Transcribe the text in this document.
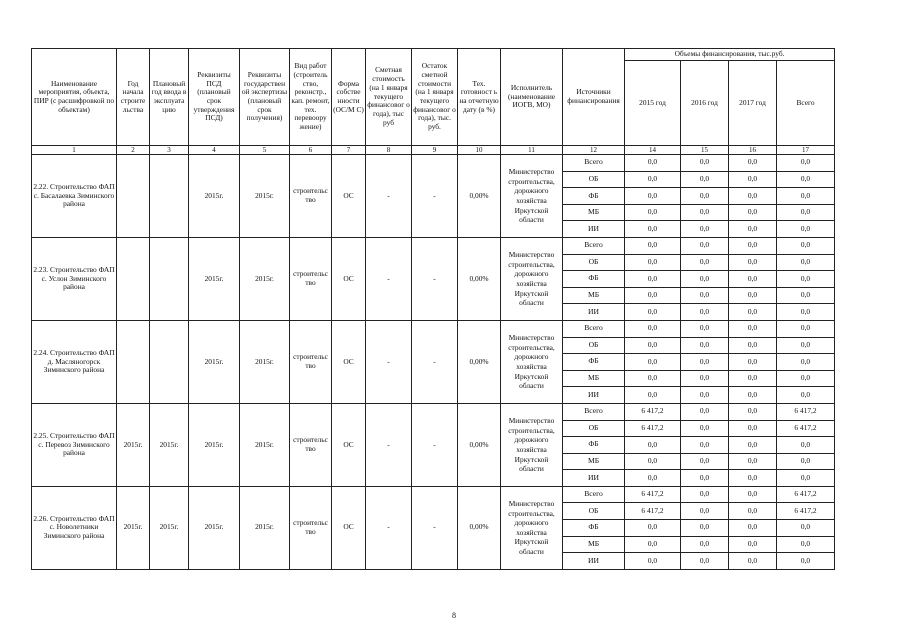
Наименование мероприятия, объекта, ПИР (с расшифровкой по объектам)	Год начала строите льства	Плановый год ввода в эксплуата цию	Реквизиты ПСД (плановый срок утверждения ПСД)	Реквизиты государствен ой экспертизы (плановый срок получения)	Вид работ (строитель ство, реконстр., кап. ремонт, тех. перевоору жение)	Форма собстве нности (ОС/М С)	Сметная стоимость (на 1 января текущего финансовог о года), тыс руб	Остаток сметной стоимости (на 1 января текущего финансовог о года), тыс. руб.	Тех. готовност ь на отчетную дату (в %)	Исполнитель (наименование ИОГВ, МО)	Источники финансирования	Объемы финансирования, тыс.руб.			
												2015 год	2016 год	2017 год	Всего
1	2	3	4	5	6	7	8	9	10	11	12	14	15	16	17
2.22. Строительство ФАП с. Басалаевка Зиминского района			2015г.	2015г.	строительс тво	ОС	-	-	0,00%	Министерство строительства, дорожного хозяйства Иркутской области	Всего	0,0	0,0	0,0	0,0
											ОБ	0,0	0,0	0,0	0,0
											ФБ	0,0	0,0	0,0	0,0
											МБ	0,0	0,0	0,0	0,0
											ИИ	0,0	0,0	0,0	0,0
2.23. Строительство ФАП с. Услон Зиминского района			2015г.	2015г.	строительс тво	ОС	-	-	0,00%	Министерство строительства, дорожного хозяйства Иркутской области	Всего	0,0	0,0	0,0	0,0
											ОБ	0,0	0,0	0,0	0,0
											ФБ	0,0	0,0	0,0	0,0
											МБ	0,0	0,0	0,0	0,0
											ИИ	0,0	0,0	0,0	0,0
2.24. Строительство ФАП д. Масляногорск Зиминского района			2015г.	2015г.	строительс тво	ОС	-	-	0,00%	Министерство строительства, дорожного хозяйства Иркутской области	Всего	0,0	0,0	0,0	0,0
											ОБ	0,0	0,0	0,0	0,0
											ФБ	0,0	0,0	0,0	0,0
											МБ	0,0	0,0	0,0	0,0
											ИИ	0,0	0,0	0,0	0,0
2.25. Строительство ФАП с. Перевоз Зиминского района	2015г.	2015г.	2015г.	2015г.	строительс тво	ОС	-	-	0,00%	Министерство строительства, дорожного хозяйства Иркутской области	Всего	6 417,2	0,0	0,0	6 417,2
											ОБ	6 417,2	0,0	0,0	6 417,2
											ФБ	0,0	0,0	0,0	0,0
											МБ	0,0	0,0	0,0	0,0
											ИИ	0,0	0,0	0,0	0,0
2.26. Строительство ФАП с. Новолетники Зиминского района	2015г.	2015г.	2015г.	2015г.	строительс тво	ОС	-	-	0,00%	Министерство строительства, дорожного хозяйства Иркутской области	Всего	6 417,2	0,0	0,0	6 417,2
											ОБ	6 417,2	0,0	0,0	6 417,2
											ФБ	0,0	0,0	0,0	0,0
											МБ	0,0	0,0	0,0	0,0
											ИИ	0,0	0,0	0,0	0,0
8
